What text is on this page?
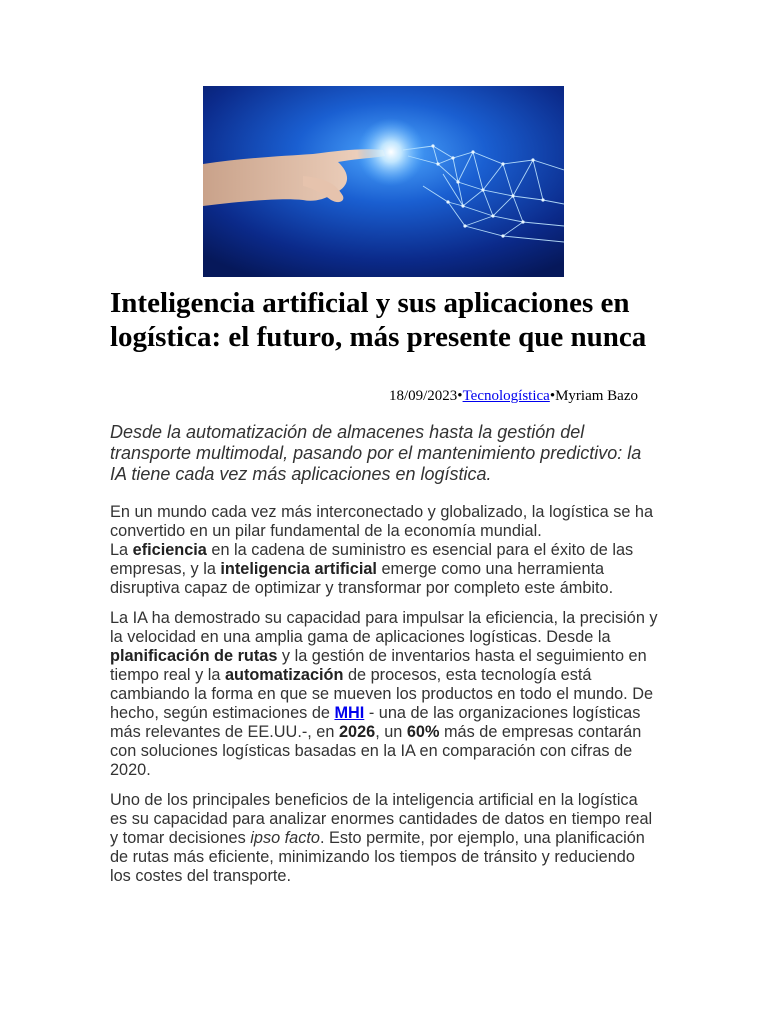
Inteligencia artificial y sus aplicaciones en logística: el futuro, más presente que nunca
18/09/2023•Tecnologística•Myriam Bazo

Desde la automatización de almacenes hasta la gestión del transporte multimodal, pasando por el mantenimiento predictivo: la IA tiene cada vez más aplicaciones en logística.

En un mundo cada vez más interconectado y globalizado, la logística se ha convertido en un pilar fundamental de la economía mundial.
La eficiencia en la cadena de suministro es esencial para el éxito de las empresas, y la inteligencia artificial emerge como una herramienta disruptiva capaz de optimizar y transformar por completo este ámbito.

La IA ha demostrado su capacidad para impulsar la eficiencia, la precisión y la velocidad en una amplia gama de aplicaciones logísticas. Desde la planificación de rutas y la gestión de inventarios hasta el seguimiento en tiempo real y la automatización de procesos, esta tecnología está cambiando la forma en que se mueven los productos en todo el mundo. De hecho, según estimaciones de MHI - una de las organizaciones logísticas más relevantes de EE.UU.-, en 2026, un 60% más de empresas contarán con soluciones logísticas basadas en la IA en comparación con cifras de 2020.

Uno de los principales beneficios de la inteligencia artificial en la logística es su capacidad para analizar enormes cantidades de datos en tiempo real y tomar decisiones ipso facto. Esto permite, por ejemplo, una planificación de rutas más eficiente, minimizando los tiempos de tránsito y reduciendo los costes del transporte.
